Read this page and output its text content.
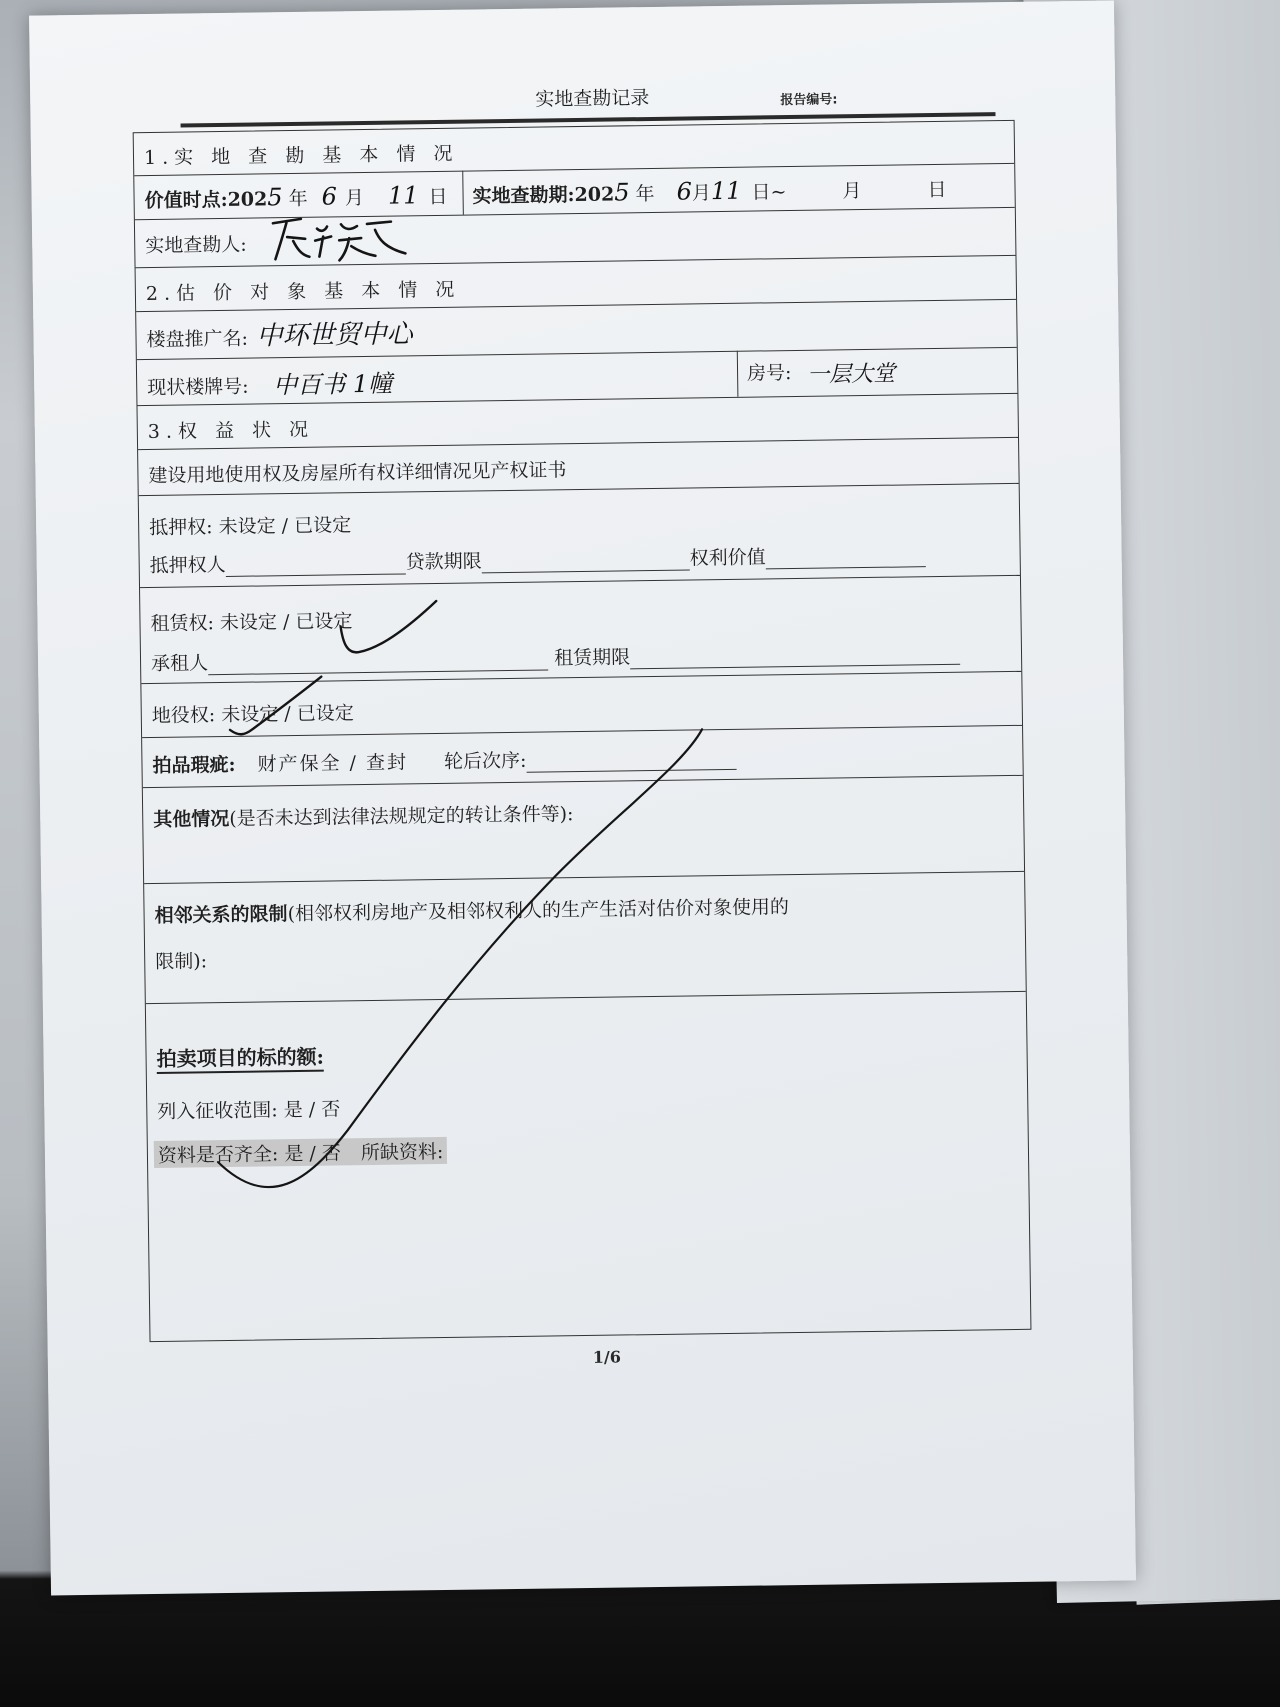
实地查勘记录	报告编号:
1.实 地 查 勘 基 本 情 况
价值时点:2025 年 6 月 11 日 实地查勘期:2025 年 6月11 日~	月	日
实地查勘人:
2.估 价 对 象 基 本 情 况
楼盘推广名: 中环世贸中心
现状楼牌号: 中百书 1幢	房号: 一层大堂
3.权 益 状 况
建设用地使用权及房屋所有权详细情况见产权证书
抵押权: 未设定 / 已设定
抵押权人	贷款期限	权利价值
租赁权: 未设定 / 已设定
承租人	租赁期限
地役权: 未设定 / 已设定
拍品瑕疵: 财产保全 / 查封 轮后次序:
其他情况(是否未达到法律法规规定的转让条件等):
相邻关系的限制(相邻权利房地产及相邻权利人的生产生活对估价对象使用的
限制):
拍卖项目的标的额:
列入征收范围: 是 / 否
资料是否齐全: 是 / 否 所缺资料:
1/6
